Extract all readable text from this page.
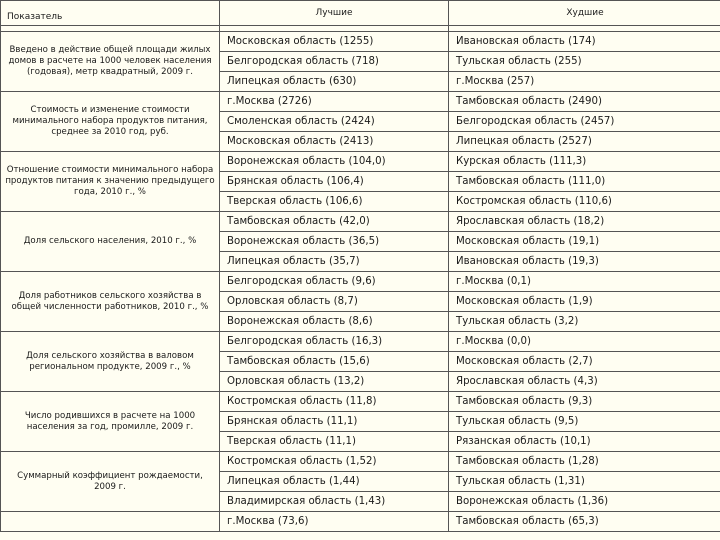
Показатель	Лучшие	Худшие

Введено в действие общей площади жилых домов в расчете на 1000 человек населения (годовая), метр квадратный, 2009 г.	Московская область (1255)	Ивановская область (174)
	Белгородская область (718)	Тульская область (255)
	Липецкая область (630)	г.Москва (257)
Стоимость и изменение стоимости минимального набора продуктов питания, среднее за 2010 год, руб.	г.Москва (2726)	Тамбовская область (2490)
	Смоленская область (2424)	Белгородская область (2457)
	Московская область (2413)	Липецкая область (2527)
Отношение стоимости минимального набора продуктов питания к значению предыдущего года, 2010 г., %	Воронежская область (104,0)	Курская область (111,3)
	Брянская область (106,4)	Тамбовская область (111,0)
	Тверская область (106,6)	Костромская область (110,6)
Доля сельского населения, 2010 г., %	Тамбовская область (42,0)	Ярославская область (18,2)
	Воронежская область (36,5)	Московская область (19,1)
	Липецкая область (35,7)	Ивановская область (19,3)
Доля работников сельского хозяйства в общей численности работников, 2010 г., %	Белгородская область (9,6)	г.Москва (0,1)
	Орловская область (8,7)	Московская область (1,9)
	Воронежская область (8,6)	Тульская область (3,2)
Доля сельского хозяйства в валовом региональном продукте, 2009 г., %	Белгородская область (16,3)	г.Москва (0,0)
	Тамбовская область (15,6)	Московская область (2,7)
	Орловская область (13,2)	Ярославская область (4,3)
Число родившихся в расчете на 1000 населения за год, промилле, 2009 г.	Костромская область (11,8)	Тамбовская область (9,3)
	Брянская область (11,1)	Тульская область (9,5)
	Тверская область (11,1)	Рязанская область (10,1)
Суммарный коэффициент рождаемости, 2009 г.	Костромская область (1,52)	Тамбовская область (1,28)
	Липецкая область (1,44)	Тульская область (1,31)
	Владимирская область (1,43)	Воронежская область (1,36)
	г.Москва (73,6)	Тамбовская область (65,3)
